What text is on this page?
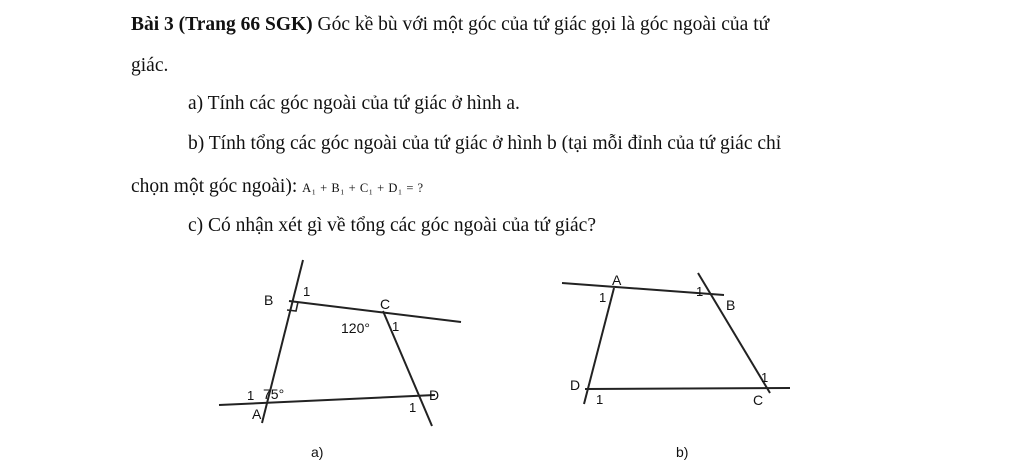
Bài 3 (Trang 66 SGK) Góc kề bù với một góc của tứ giác gọi là góc ngoài của tứ
giác.
a) Tính các góc ngoài của tứ giác ở hình a.
b) Tính tổng các góc ngoài của tứ giác ở hình b (tại mỗi đỉnh của tứ giác chỉ
chọn một góc ngoài): A₁ + B₁ + C₁ + D₁ = ?
c) Có nhận xét gì về tổng các góc ngoài của tứ giác?
B
1
C
120° 1
1 75°
A
D
1
a)
A
1	1
B
D
1
1
C
b)
